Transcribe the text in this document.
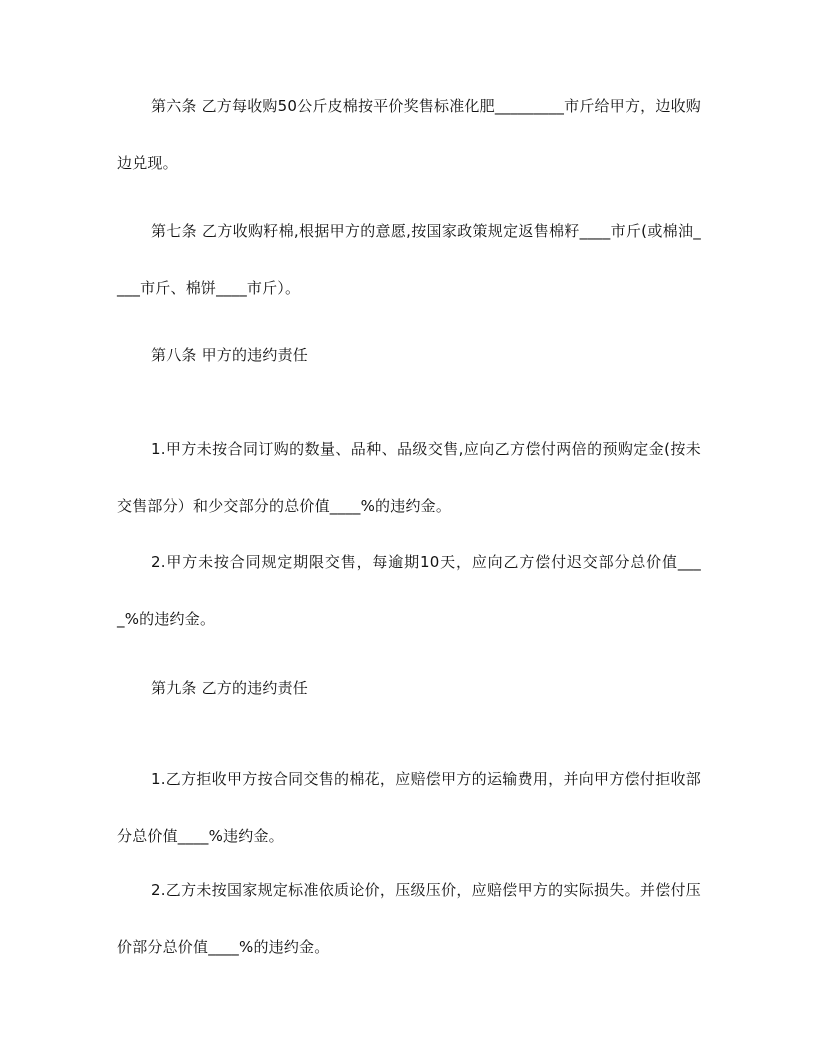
第六条 乙方每收购50公斤皮棉按平价奖售标准化肥_________市斤给甲方，边收购边兑现。

第七条 乙方收购籽棉,根据甲方的意愿,按国家政策规定返售棉籽____市斤(或棉油____市斤、棉饼____市斤）。

第八条 甲方的违约责任

1.甲方未按合同订购的数量、品种、品级交售,应向乙方偿付两倍的预购定金(按未交售部分）和少交部分的总价值____%的违约金。

2.甲方未按合同规定期限交售，每逾期10天，应向乙方偿付迟交部分总价值____%的违约金。

第九条 乙方的违约责任

1.乙方拒收甲方按合同交售的棉花，应赔偿甲方的运输费用，并向甲方偿付拒收部分总价值____%违约金。

2.乙方未按国家规定标准依质论价，压级压价，应赔偿甲方的实际损失。并偿付压价部分总价值____%的违约金。
